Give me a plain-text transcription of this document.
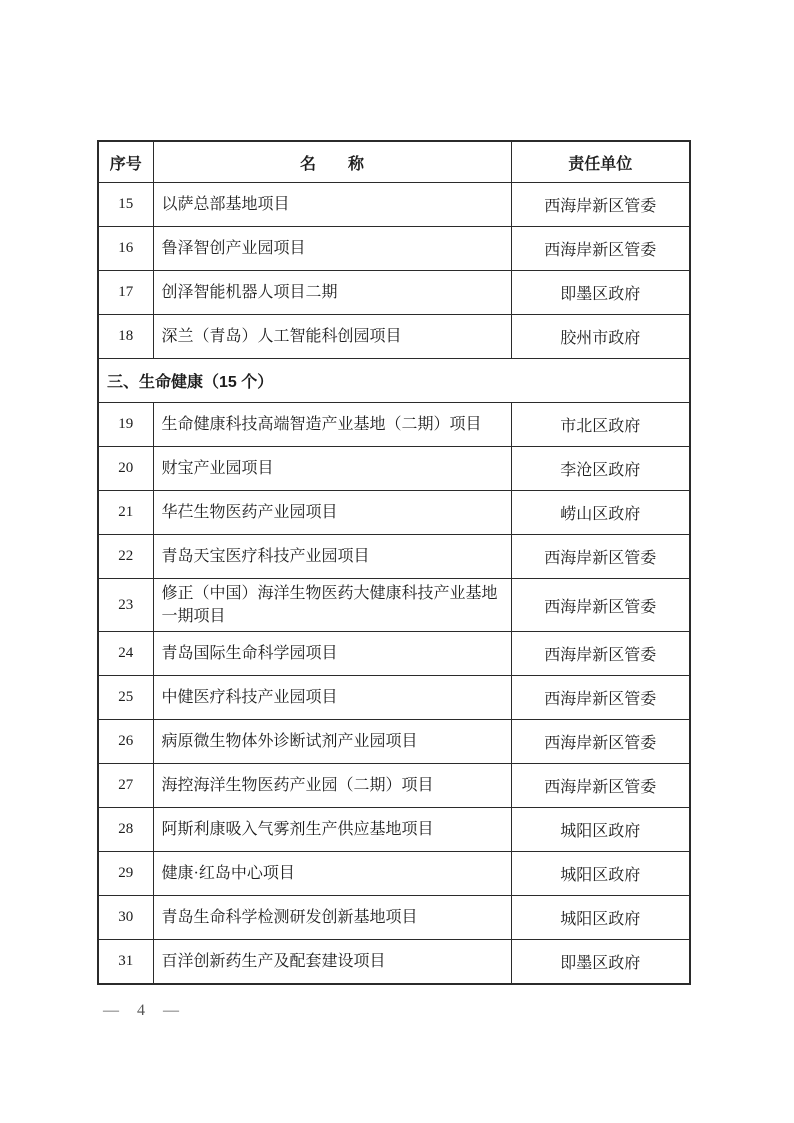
序号	名　　称	责任单位
15	以萨总部基地项目	西海岸新区管委
16	鲁泽智创产业园项目	西海岸新区管委
17	创泽智能机器人项目二期	即墨区政府
18	深兰（青岛）人工智能科创园项目	胶州市政府
三、生命健康（15 个）		
19	生命健康科技高端智造产业基地（二期）项目	市北区政府
20	财宝产业园项目	李沧区政府
21	华芢生物医药产业园项目	崂山区政府
22	青岛天宝医疗科技产业园项目	西海岸新区管委
23	修正（中国）海洋生物医药大健康科技产业基地一期项目	西海岸新区管委
24	青岛国际生命科学园项目	西海岸新区管委
25	中健医疗科技产业园项目	西海岸新区管委
26	病原微生物体外诊断试剂产业园项目	西海岸新区管委
27	海控海洋生物医药产业园（二期）项目	西海岸新区管委
28	阿斯利康吸入气雾剂生产供应基地项目	城阳区政府
29	健康·红岛中心项目	城阳区政府
30	青岛生命科学检测研发创新基地项目	城阳区政府
31	百洋创新药生产及配套建设项目	即墨区政府
— 4 —
